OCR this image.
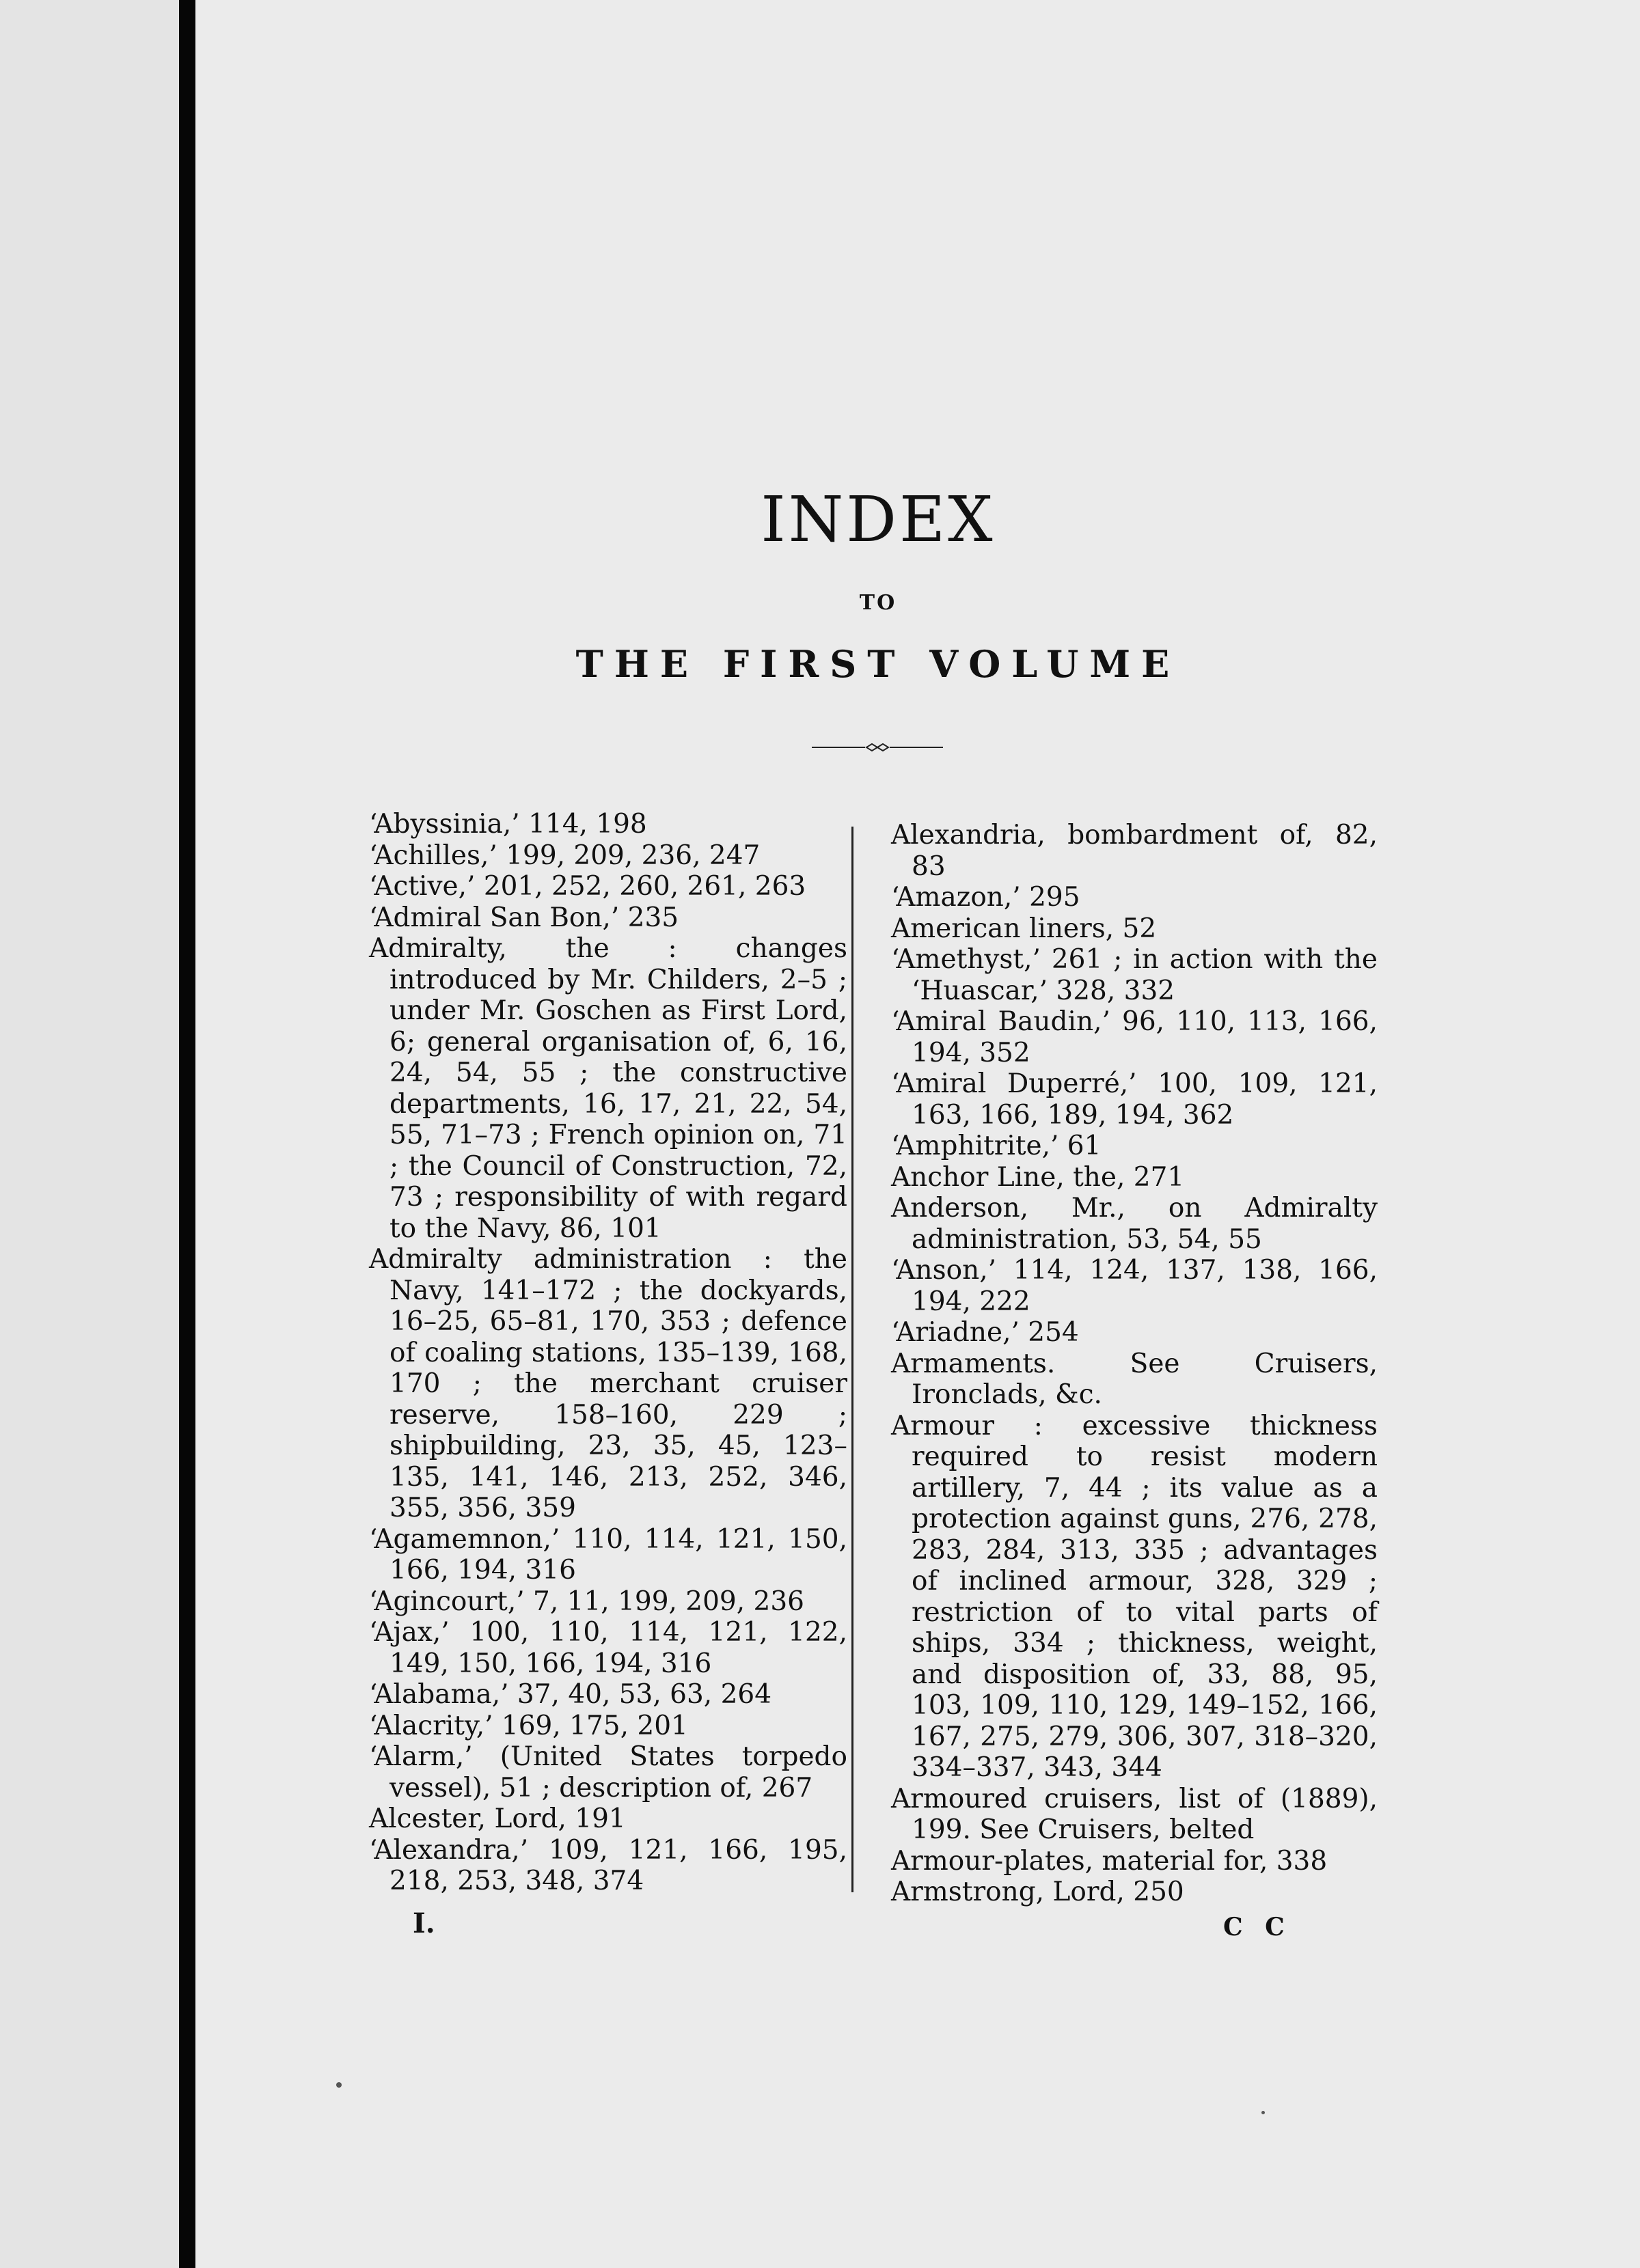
INDEX
TO
THE FIRST VOLUME
‘Abyssinia,’ 114, 198
‘Achilles,’ 199, 209, 236, 247
‘Active,’ 201, 252, 260, 261, 263
‘Admiral San Bon,’ 235
Admiralty, the : changes introduced by Mr. Childers, 2–5 ; under Mr. Goschen as First Lord, 6; general organisation of, 6, 16, 24, 54, 55 ; the constructive departments, 16, 17, 21, 22, 54, 55, 71–73 ; French opinion on, 71 ; the Council of Construction, 72, 73 ; responsibility of with regard to the Navy, 86, 101
Admiralty administration : the Navy, 141–172 ; the dockyards, 16–25, 65–81, 170, 353 ; defence of coaling stations, 135–139, 168, 170 ; the merchant cruiser reserve, 158–160, 229 ; shipbuilding, 23, 35, 45, 123–135, 141, 146, 213, 252, 346, 355, 356, 359
‘Agamemnon,’ 110, 114, 121, 150, 166, 194, 316
‘Agincourt,’ 7, 11, 199, 209, 236
‘Ajax,’ 100, 110, 114, 121, 122, 149, 150, 166, 194, 316
‘Alabama,’ 37, 40, 53, 63, 264
‘Alacrity,’ 169, 175, 201
‘Alarm,’ (United States torpedo vessel), 51 ; description of, 267
Alcester, Lord, 191
‘Alexandra,’ 109, 121, 166, 195, 218, 253, 348, 374
Alexandria, bombardment of, 82, 83
‘Amazon,’ 295
American liners, 52
‘Amethyst,’ 261 ; in action with the ‘Huascar,’ 328, 332
‘Amiral Baudin,’ 96, 110, 113, 166, 194, 352
‘Amiral Duperré,’ 100, 109, 121, 163, 166, 189, 194, 362
‘Amphitrite,’ 61
Anchor Line, the, 271
Anderson, Mr., on Admiralty administration, 53, 54, 55
‘Anson,’ 114, 124, 137, 138, 166, 194, 222
‘Ariadne,’ 254
Armaments. See Cruisers, Ironclads, &c.
Armour : excessive thickness required to resist modern artillery, 7, 44 ; its value as a protection against guns, 276, 278, 283, 284, 313, 335 ; advantages of inclined armour, 328, 329 ; restriction of to vital parts of ships, 334 ; thickness, weight, and disposition of, 33, 88, 95, 103, 109, 110, 129, 149–152, 166, 167, 275, 279, 306, 307, 318–320, 334–337, 343, 344
Armoured cruisers, list of (1889), 199. See Cruisers, belted
Armour-plates, material for, 338
Armstrong, Lord, 250
I.	C C
